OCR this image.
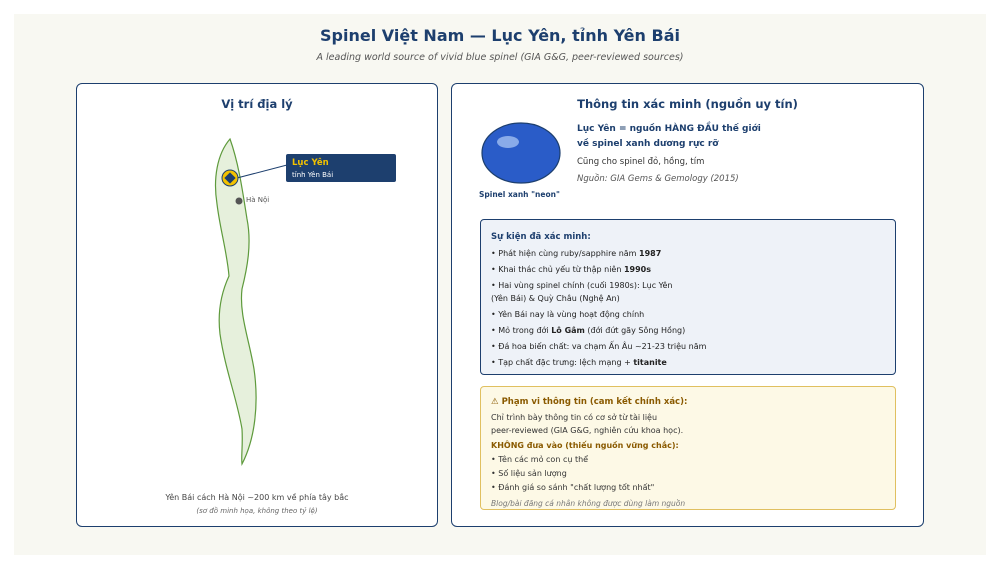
Spinel Việt Nam — Lục Yên, tỉnh Yên Bái
A leading world source of vivid blue spinel (GIA G&G, peer-reviewed sources)
Vị trí địa lý
Lục Yên
tỉnh Yên Bái
Hà Nội
Yên Bái cách Hà Nội ~200 km về phía tây bắc
(sơ đồ minh họa, không theo tỷ lệ)
Thông tin xác minh (nguồn uy tín)
Spinel xanh "neon"
Lục Yên = nguồn HÀNG ĐẦU thế giới
về spinel xanh dương rực rỡ
Cũng cho spinel đỏ, hồng, tím
Nguồn: GIA Gems & Gemology (2015)
Sự kiện đã xác minh:
• Phát hiện cùng ruby/sapphire năm 1987
• Khai thác chủ yếu từ thập niên 1990s
• Hai vùng spinel chính (cuối 1980s): Lục Yên
(Yên Bái) & Quỳ Châu (Nghệ An)
• Yên Bái nay là vùng hoạt động chính
• Mỏ trong đới Lô Gâm (đới đứt gãy Sông Hồng)
• Đá hoa biến chất: va chạm Ấn Âu ~21-23 triệu năm
• Tạp chất đặc trưng: lệch mạng + titanite
⚠ Phạm vi thông tin (cam kết chính xác):
Chỉ trình bày thông tin có cơ sở từ tài liệu
peer-reviewed (GIA G&G, nghiên cứu khoa học).
KHÔNG đưa vào (thiếu nguồn vững chắc):
• Tên các mỏ con cụ thể
• Số liệu sản lượng
• Đánh giá so sánh "chất lượng tốt nhất"
Blog/bài đăng cá nhân không được dùng làm nguồn
